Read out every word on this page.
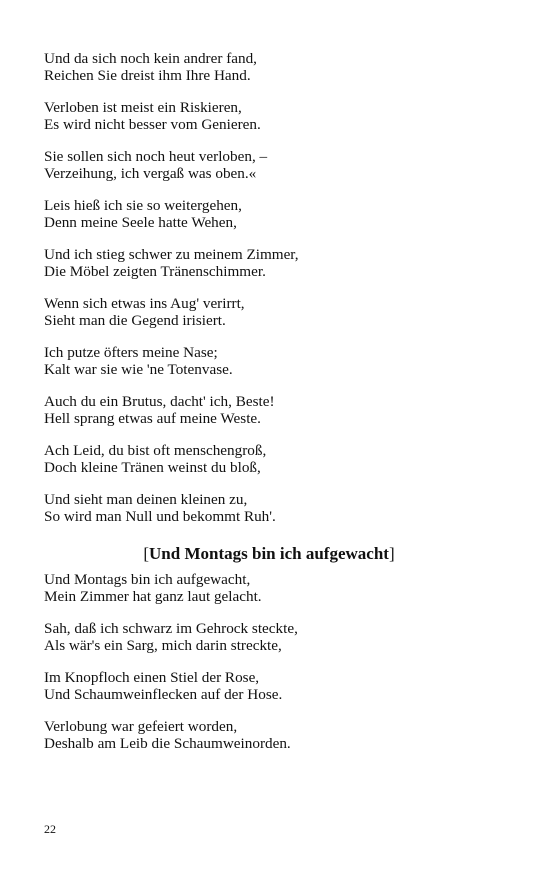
Und da sich noch kein andrer fand,
Reichen Sie dreist ihm Ihre Hand.
Verloben ist meist ein Riskieren,
Es wird nicht besser vom Genieren.
Sie sollen sich noch heut verloben, –
Verzeihung, ich vergaß was oben.«
Leis hieß ich sie so weitergehen,
Denn meine Seele hatte Wehen,
Und ich stieg schwer zu meinem Zimmer,
Die Möbel zeigten Tränenschimmer.
Wenn sich etwas ins Aug' verirrt,
Sieht man die Gegend irisiert.
Ich putze öfters meine Nase;
Kalt war sie wie 'ne Totenvase.
Auch du ein Brutus, dacht' ich, Beste!
Hell sprang etwas auf meine Weste.
Ach Leid, du bist oft menschengroß,
Doch kleine Tränen weinst du bloß,
Und sieht man deinen kleinen zu,
So wird man Null und bekommt Ruh'.
[Und Montags bin ich aufgewacht]
Und Montags bin ich aufgewacht,
Mein Zimmer hat ganz laut gelacht.
Sah, daß ich schwarz im Gehrock steckte,
Als wär's ein Sarg, mich darin streckte,
Im Knopfloch einen Stiel der Rose,
Und Schaumweinflecken auf der Hose.
Verlobung war gefeiert worden,
Deshalb am Leib die Schaumweinorden.
22
